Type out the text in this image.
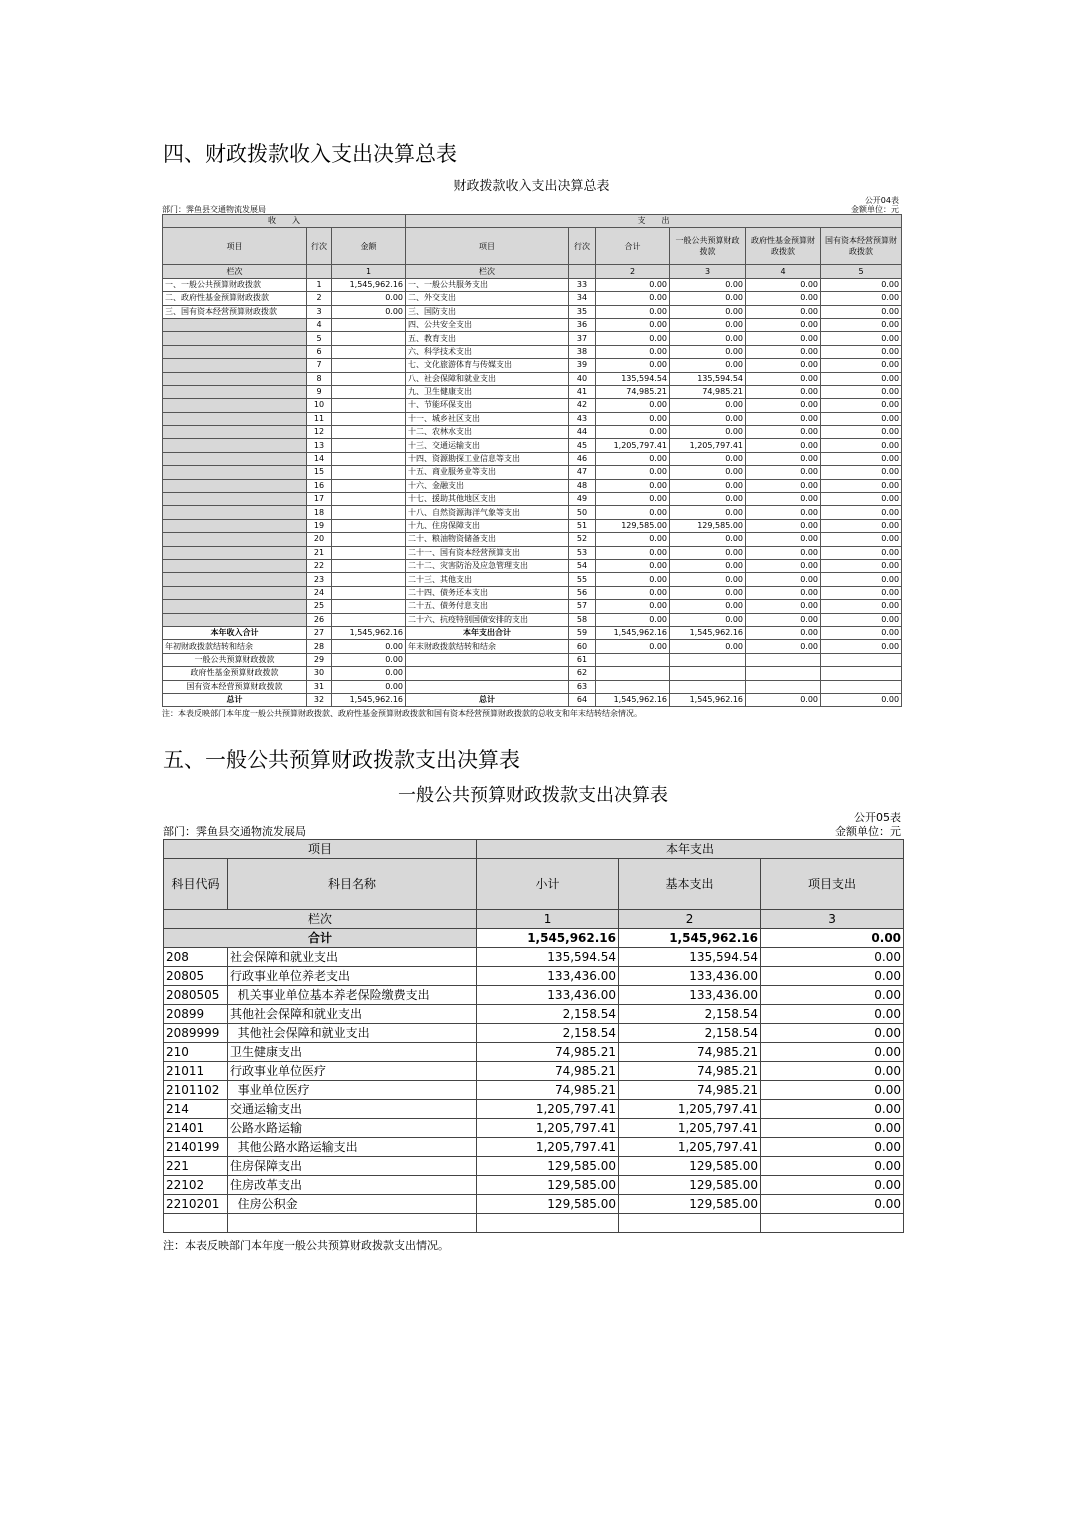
四、财政拨款收入支出决算总表
财政拨款收入支出决算总表
公开04表
部门：霁鱼县交通物流发展局	金额单位：元
收　　入			支　　出					
项目	行次	金额	项目	行次	合计	一般公共预算财政拨款	政府性基金预算财政拨款	国有资本经营预算财政拨款
栏次		1	栏次		2	3	4	5
一、一般公共预算财政拨款	1	1,545,962.16	一、一般公共服务支出	33	0.00	0.00	0.00	0.00
二、政府性基金预算财政拨款	2	0.00	二、外交支出	34	0.00	0.00	0.00	0.00
三、国有资本经营预算财政拨款	3	0.00	三、国防支出	35	0.00	0.00	0.00	0.00
	4		四、公共安全支出	36	0.00	0.00	0.00	0.00
	5		五、教育支出	37	0.00	0.00	0.00	0.00
	6		六、科学技术支出	38	0.00	0.00	0.00	0.00
	7		七、文化旅游体育与传媒支出	39	0.00	0.00	0.00	0.00
	8		八、社会保障和就业支出	40	135,594.54	135,594.54	0.00	0.00
	9		九、卫生健康支出	41	74,985.21	74,985.21	0.00	0.00
	10		十、节能环保支出	42	0.00	0.00	0.00	0.00
	11		十一、城乡社区支出	43	0.00	0.00	0.00	0.00
	12		十二、农林水支出	44	0.00	0.00	0.00	0.00
	13		十三、交通运输支出	45	1,205,797.41	1,205,797.41	0.00	0.00
	14		十四、资源勘探工业信息等支出	46	0.00	0.00	0.00	0.00
	15		十五、商业服务业等支出	47	0.00	0.00	0.00	0.00
	16		十六、金融支出	48	0.00	0.00	0.00	0.00
	17		十七、援助其他地区支出	49	0.00	0.00	0.00	0.00
	18		十八、自然资源海洋气象等支出	50	0.00	0.00	0.00	0.00
	19		十九、住房保障支出	51	129,585.00	129,585.00	0.00	0.00
	20		二十、粮油物资储备支出	52	0.00	0.00	0.00	0.00
	21		二十一、国有资本经营预算支出	53	0.00	0.00	0.00	0.00
	22		二十二、灾害防治及应急管理支出	54	0.00	0.00	0.00	0.00
	23		二十三、其他支出	55	0.00	0.00	0.00	0.00
	24		二十四、债务还本支出	56	0.00	0.00	0.00	0.00
	25		二十五、债务付息支出	57	0.00	0.00	0.00	0.00
	26		二十六、抗疫特别国债安排的支出	58	0.00	0.00	0.00	0.00
本年收入合计	27	1,545,962.16	本年支出合计	59	1,545,962.16	1,545,962.16	0.00	0.00
年初财政拨款结转和结余	28	0.00	年末财政拨款结转和结余	60	0.00	0.00	0.00	0.00
一般公共预算财政拨款	29	0.00		61				
政府性基金预算财政拨款	30	0.00		62				
国有资本经营预算财政拨款	31	0.00		63				
总计	32	1,545,962.16	总计	64	1,545,962.16	1,545,962.16	0.00	0.00
注：本表反映部门本年度一般公共预算财政拨款、政府性基金预算财政拨款和国有资本经营预算财政拨款的总收支和年末结转结余情况。
五、一般公共预算财政拨款支出决算表
一般公共预算财政拨款支出决算表
公开05表
部门：霁鱼县交通物流发展局	金额单位：元
项目		本年支出		
科目代码	科目名称	小计	基本支出	项目支出
栏次		1	2	3
合计		1,545,962.16	1,545,962.16	0.00
208	社会保障和就业支出	135,594.54	135,594.54	0.00
20805	行政事业单位养老支出	133,436.00	133,436.00	0.00
2080505	机关事业单位基本养老保险缴费支出	133,436.00	133,436.00	0.00
20899	其他社会保障和就业支出	2,158.54	2,158.54	0.00
2089999	其他社会保障和就业支出	2,158.54	2,158.54	0.00
210	卫生健康支出	74,985.21	74,985.21	0.00
21011	行政事业单位医疗	74,985.21	74,985.21	0.00
2101102	事业单位医疗	74,985.21	74,985.21	0.00
214	交通运输支出	1,205,797.41	1,205,797.41	0.00
21401	公路水路运输	1,205,797.41	1,205,797.41	0.00
2140199	其他公路水路运输支出	1,205,797.41	1,205,797.41	0.00
221	住房保障支出	129,585.00	129,585.00	0.00
22102	住房改革支出	129,585.00	129,585.00	0.00
2210201	住房公积金	129,585.00	129,585.00	0.00

注：本表反映部门本年度一般公共预算财政拨款支出情况。
